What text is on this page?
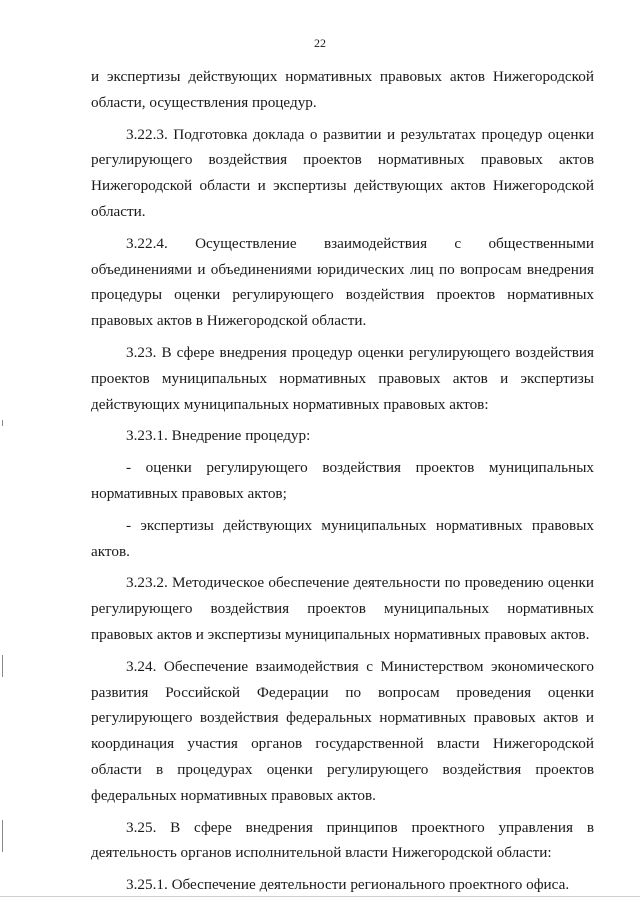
22

и экспертизы действующих нормативных правовых актов Нижегородской области, осуществления процедур.

3.22.3. Подготовка доклада о развитии и результатах процедур оценки регулирующего воздействия проектов нормативных правовых актов Нижегородской области и экспертизы действующих актов Нижегородской области.

3.22.4. Осуществление взаимодействия с общественными объединениями и объединениями юридических лиц по вопросам внедрения процедуры оценки регулирующего воздействия проектов нормативных правовых актов в Нижегородской области.

3.23. В сфере внедрения процедур оценки регулирующего воздействия проектов муниципальных нормативных правовых актов и экспертизы действующих муниципальных нормативных правовых актов:

3.23.1. Внедрение процедур:

- оценки регулирующего воздействия проектов муниципальных нормативных правовых актов;

- экспертизы действующих муниципальных нормативных правовых актов.

3.23.2. Методическое обеспечение деятельности по проведению оценки регулирующего воздействия проектов муниципальных нормативных правовых актов и экспертизы муниципальных нормативных правовых актов.

3.24. Обеспечение взаимодействия с Министерством экономического развития Российской Федерации по вопросам проведения оценки регулирующего воздействия федеральных нормативных правовых актов и координация участия органов государственной власти Нижегородской области в процедурах оценки регулирующего воздействия проектов федеральных нормативных правовых актов.

3.25. В сфере внедрения принципов проектного управления в деятельность органов исполнительной власти Нижегородской области:

3.25.1. Обеспечение деятельности регионального проектного офиса.
